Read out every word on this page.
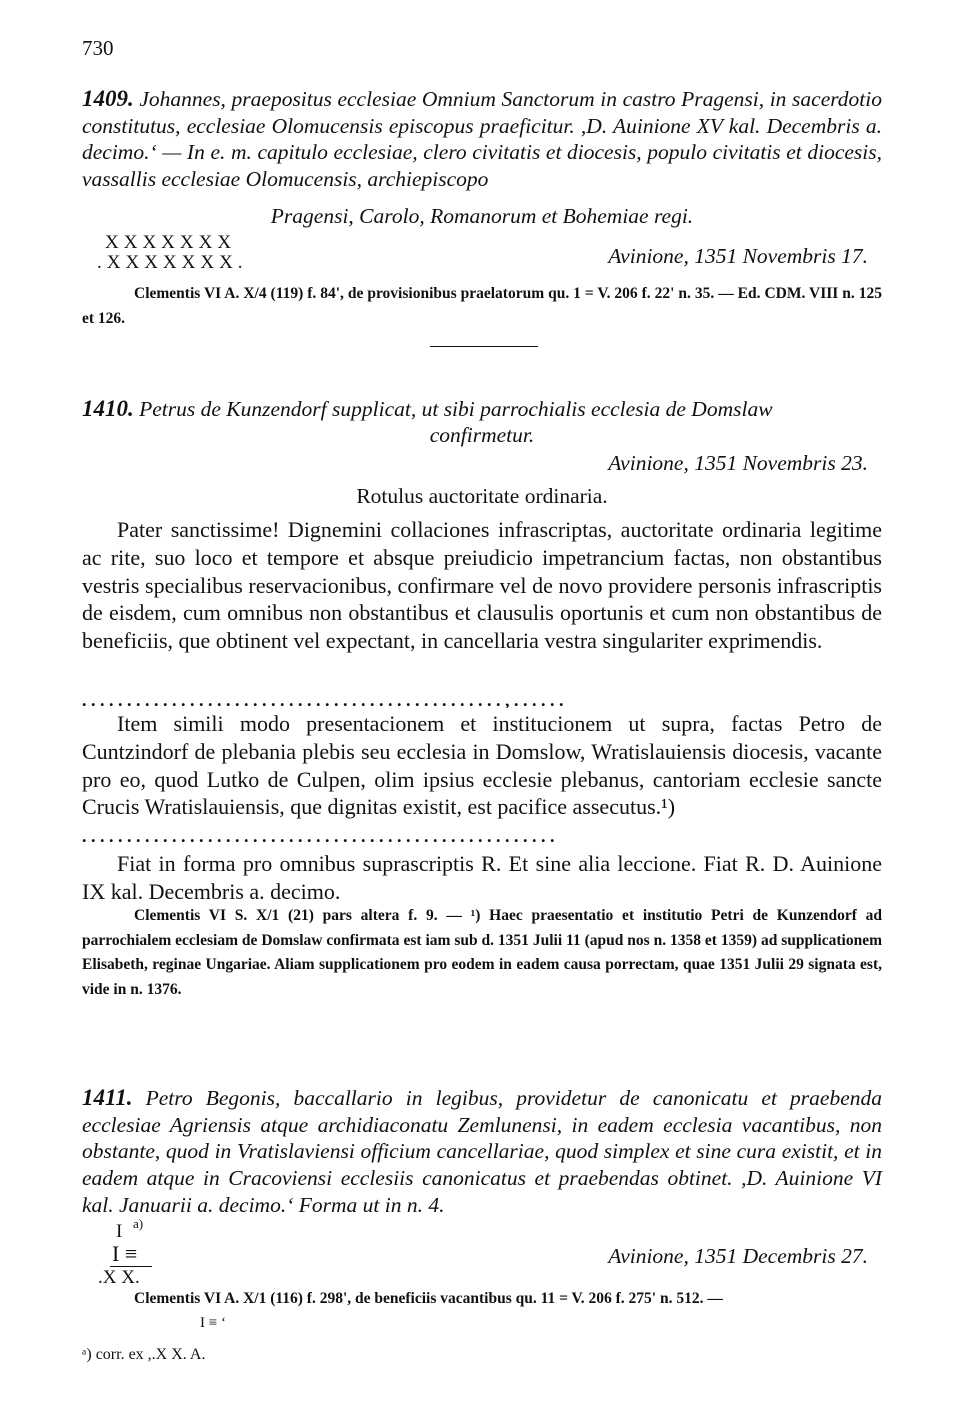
730
1409. Johannes, praepositus ecclesiae Omnium Sanctorum in castro Pragensi, in sacerdotio constitutus, ecclesiae Olomucensis episcopus praeficitur. ,D. Auinione XV kal. Decembris a. decimo.‘ — In e. m. capitulo ecclesiae, clero civitatis et diocesis, populo civitatis et diocesis, vassallis ecclesiae Olomucensis, archiepiscopo
Pragensi, Carolo, Romanorum et Bohemiae regi.
XXXXXXX
.XXXXXXX.	Avinione, 1351 Novembris 17.
Clementis VI A. X/4 (119) f. 84', de provisionibus praelatorum qu. 1 = V. 206 f. 22' n. 35. — Ed. CDM. VIII n. 125 et 126.
1410. Petrus de Kunzendorf supplicat, ut sibi parrochialis ecclesia de Domslaw
confirmetur.
Avinione, 1351 Novembris 23.
Rotulus auctoritate ordinaria.
Pater sanctissime! Dignemini collaciones infrascriptas, auctoritate ordinaria legitime ac rite, suo loco et tempore et absque preiudicio impetrancium factas, non obstantibus vestris specialibus reservacionibus, confirmare vel de novo providere personis infrascriptis de eisdem, cum omnibus non obstantibus et clausulis oportunis et cum non obstantibus de beneficiis, que obtinent vel expectant, in cancellaria vestra singulariter exprimendis.
. . . . . . . . . . . . . . . . . . . . . . . . . . . . . . . . . . . . . . . . . . . . . . . , . . . . . .
Item simili modo presentacionem et institucionem ut supra, factas Petro de Cuntzindorf de plebania plebis seu ecclesia in Domslow, Wratislauiensis diocesis, vacante pro eo, quod Lutko de Culpen, olim ipsius ecclesie plebanus, cantoriam ecclesie sancte Crucis Wratislauiensis, que dignitas existit, est pacifice assecutus.¹)
. . . . . . . . . . . . . . . . . . . . . . . . . . . . . . . . . . . . . . . . . . . . . . . . . . . . .
Fiat in forma pro omnibus suprascriptis R. Et sine alia leccione. Fiat R. D. Auinione IX kal. Decembris a. decimo.
Clementis VI S. X/1 (21) pars altera f. 9. — ¹) Haec praesentatio et institutio Petri de Kunzendorf ad parrochialem ecclesiam de Domslaw confirmata est iam sub d. 1351 Julii 11 (apud nos n. 1358 et 1359) ad supplicationem Elisabeth, reginae Ungariae. Aliam supplicationem pro eodem in eadem causa porrectam, quae 1351 Julii 29 signata est, vide in n. 1376.
1411. Petro Begonis, baccallario in legibus, providetur de canonicatu et praebenda ecclesiae Agriensis atque archidiaconatu Zemlunensi, in eadem ecclesia vacantibus, non obstante, quod in Vratislaviensi officium cancellariae, quod simplex et sine cura existit, et in eadem atque in Cracoviensi ecclesiis canonicatus et praebendas obtinet. ,D. Auinione VI kal. Januarii a. decimo.‘ Forma ut in n. 4.
I a)
I ≡
.X X.
Avinione, 1351 Decembris 27.
Clementis VI A. X/1 (116) f. 298', de beneficiis vacantibus qu. 11 = V. 206 f. 275' n. 512. —
I ≡ ‘
ᵃ) corr. ex ,.X X. A.
